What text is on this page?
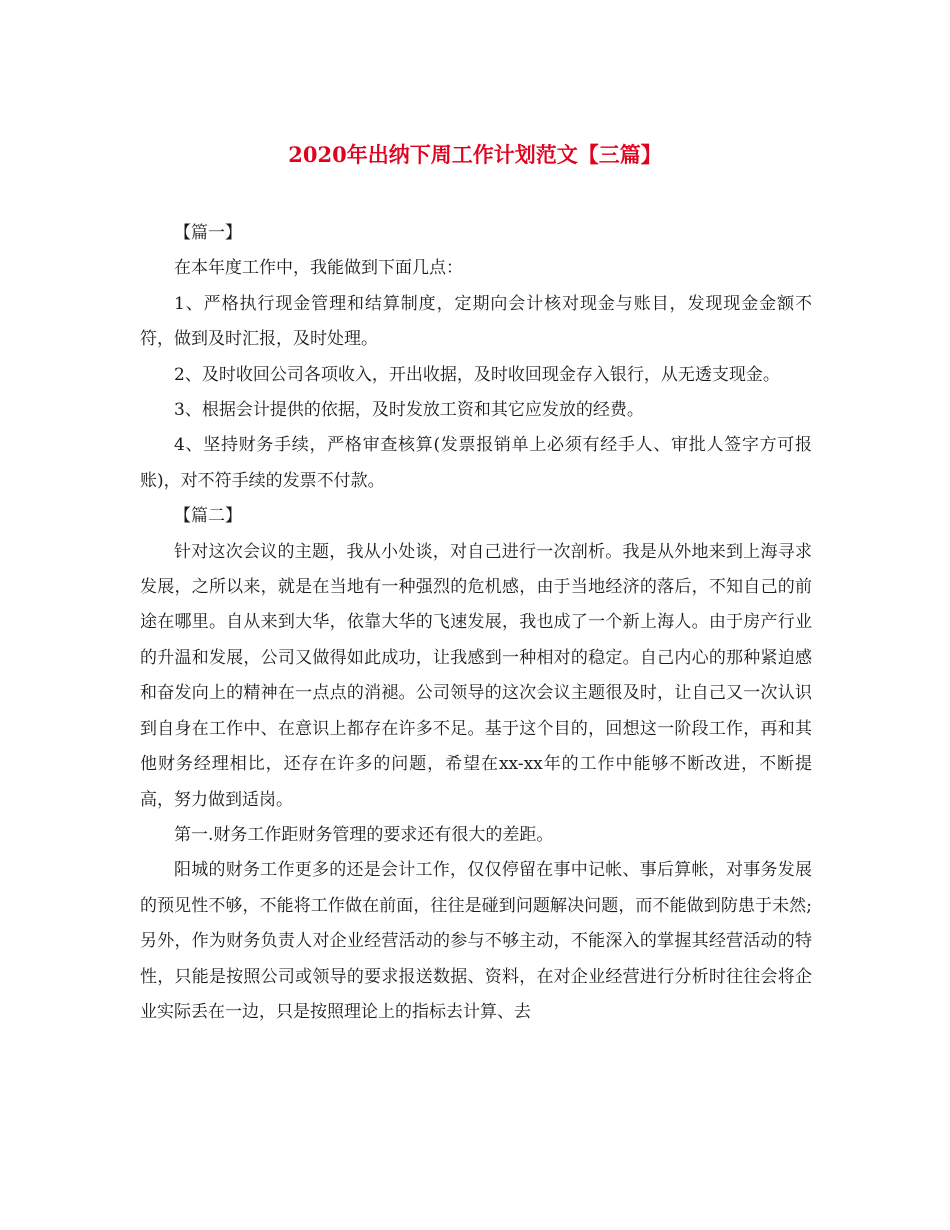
2020年出纳下周工作计划范文【三篇】

【篇一】

在本年度工作中，我能做到下面几点：

1、严格执行现金管理和结算制度，定期向会计核对现金与账目，发现现金金额不符，做到及时汇报，及时处理。

2、及时收回公司各项收入，开出收据，及时收回现金存入银行，从无透支现金。

3、根据会计提供的依据，及时发放工资和其它应发放的经费。

4、坚持财务手续，严格审查核算(发票报销单上必须有经手人、审批人签字方可报账)，对不符手续的发票不付款。

【篇二】

针对这次会议的主题，我从小处谈，对自己进行一次剖析。我是从外地来到上海寻求发展，之所以来，就是在当地有一种强烈的危机感，由于当地经济的落后，不知自己的前途在哪里。自从来到大华，依靠大华的飞速发展，我也成了一个新上海人。由于房产行业的升温和发展，公司又做得如此成功，让我感到一种相对的稳定。自己内心的那种紧迫感和奋发向上的精神在一点点的消褪。公司领导的这次会议主题很及时，让自己又一次认识到自身在工作中、在意识上都存在许多不足。基于这个目的，回想这一阶段工作，再和其他财务经理相比，还存在许多的问题，希望在xx-xx年的工作中能够不断改进，不断提高，努力做到适岗。

第一.财务工作距财务管理的要求还有很大的差距。

阳城的财务工作更多的还是会计工作，仅仅停留在事中记帐、事后算帐，对事务发展的预见性不够，不能将工作做在前面，往往是碰到问题解决问题，而不能做到防患于未然;另外，作为财务负责人对企业经营活动的参与不够主动，不能深入的掌握其经营活动的特性，只能是按照公司或领导的要求报送数据、资料，在对企业经营进行分析时往往会将企业实际丢在一边，只是按照理论上的指标去计算、去
